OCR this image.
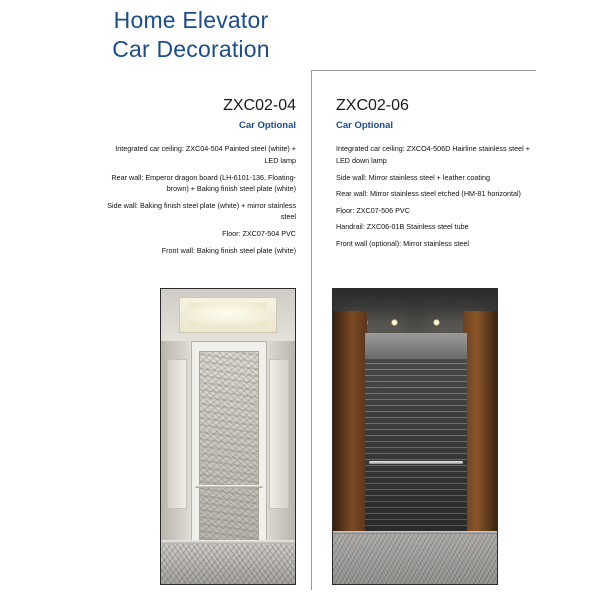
Home Elevator
Car Decoration
ZXC02-04
Car Optional
Integrated car ceiling: ZXC04-504 Painted steel (white) + LED lamp
Rear wall: Emperor dragon board (LH-6101-136, Floating-brown) + Baking finish steel plate (white)
Side wall: Baking finish steel plate (white) + mirror stainless steel
Floor: ZXC07-504 PVC
Front wall: Baking finish steel plate (white)
ZXC02-06
Car Optional
Integrated car ceiling: ZXCO4-506D Hairline stainless steel + LED down lamp
Side wall: Mirror stainless steel + leather coating
Rear wall: Mirror stainless steel etched (HM-81 horizontal)
Floor: ZXC07-506 PVC
Handrail: ZXC06-01B Stainless steel tube
Front wall (optional): Mirror stainless steel
